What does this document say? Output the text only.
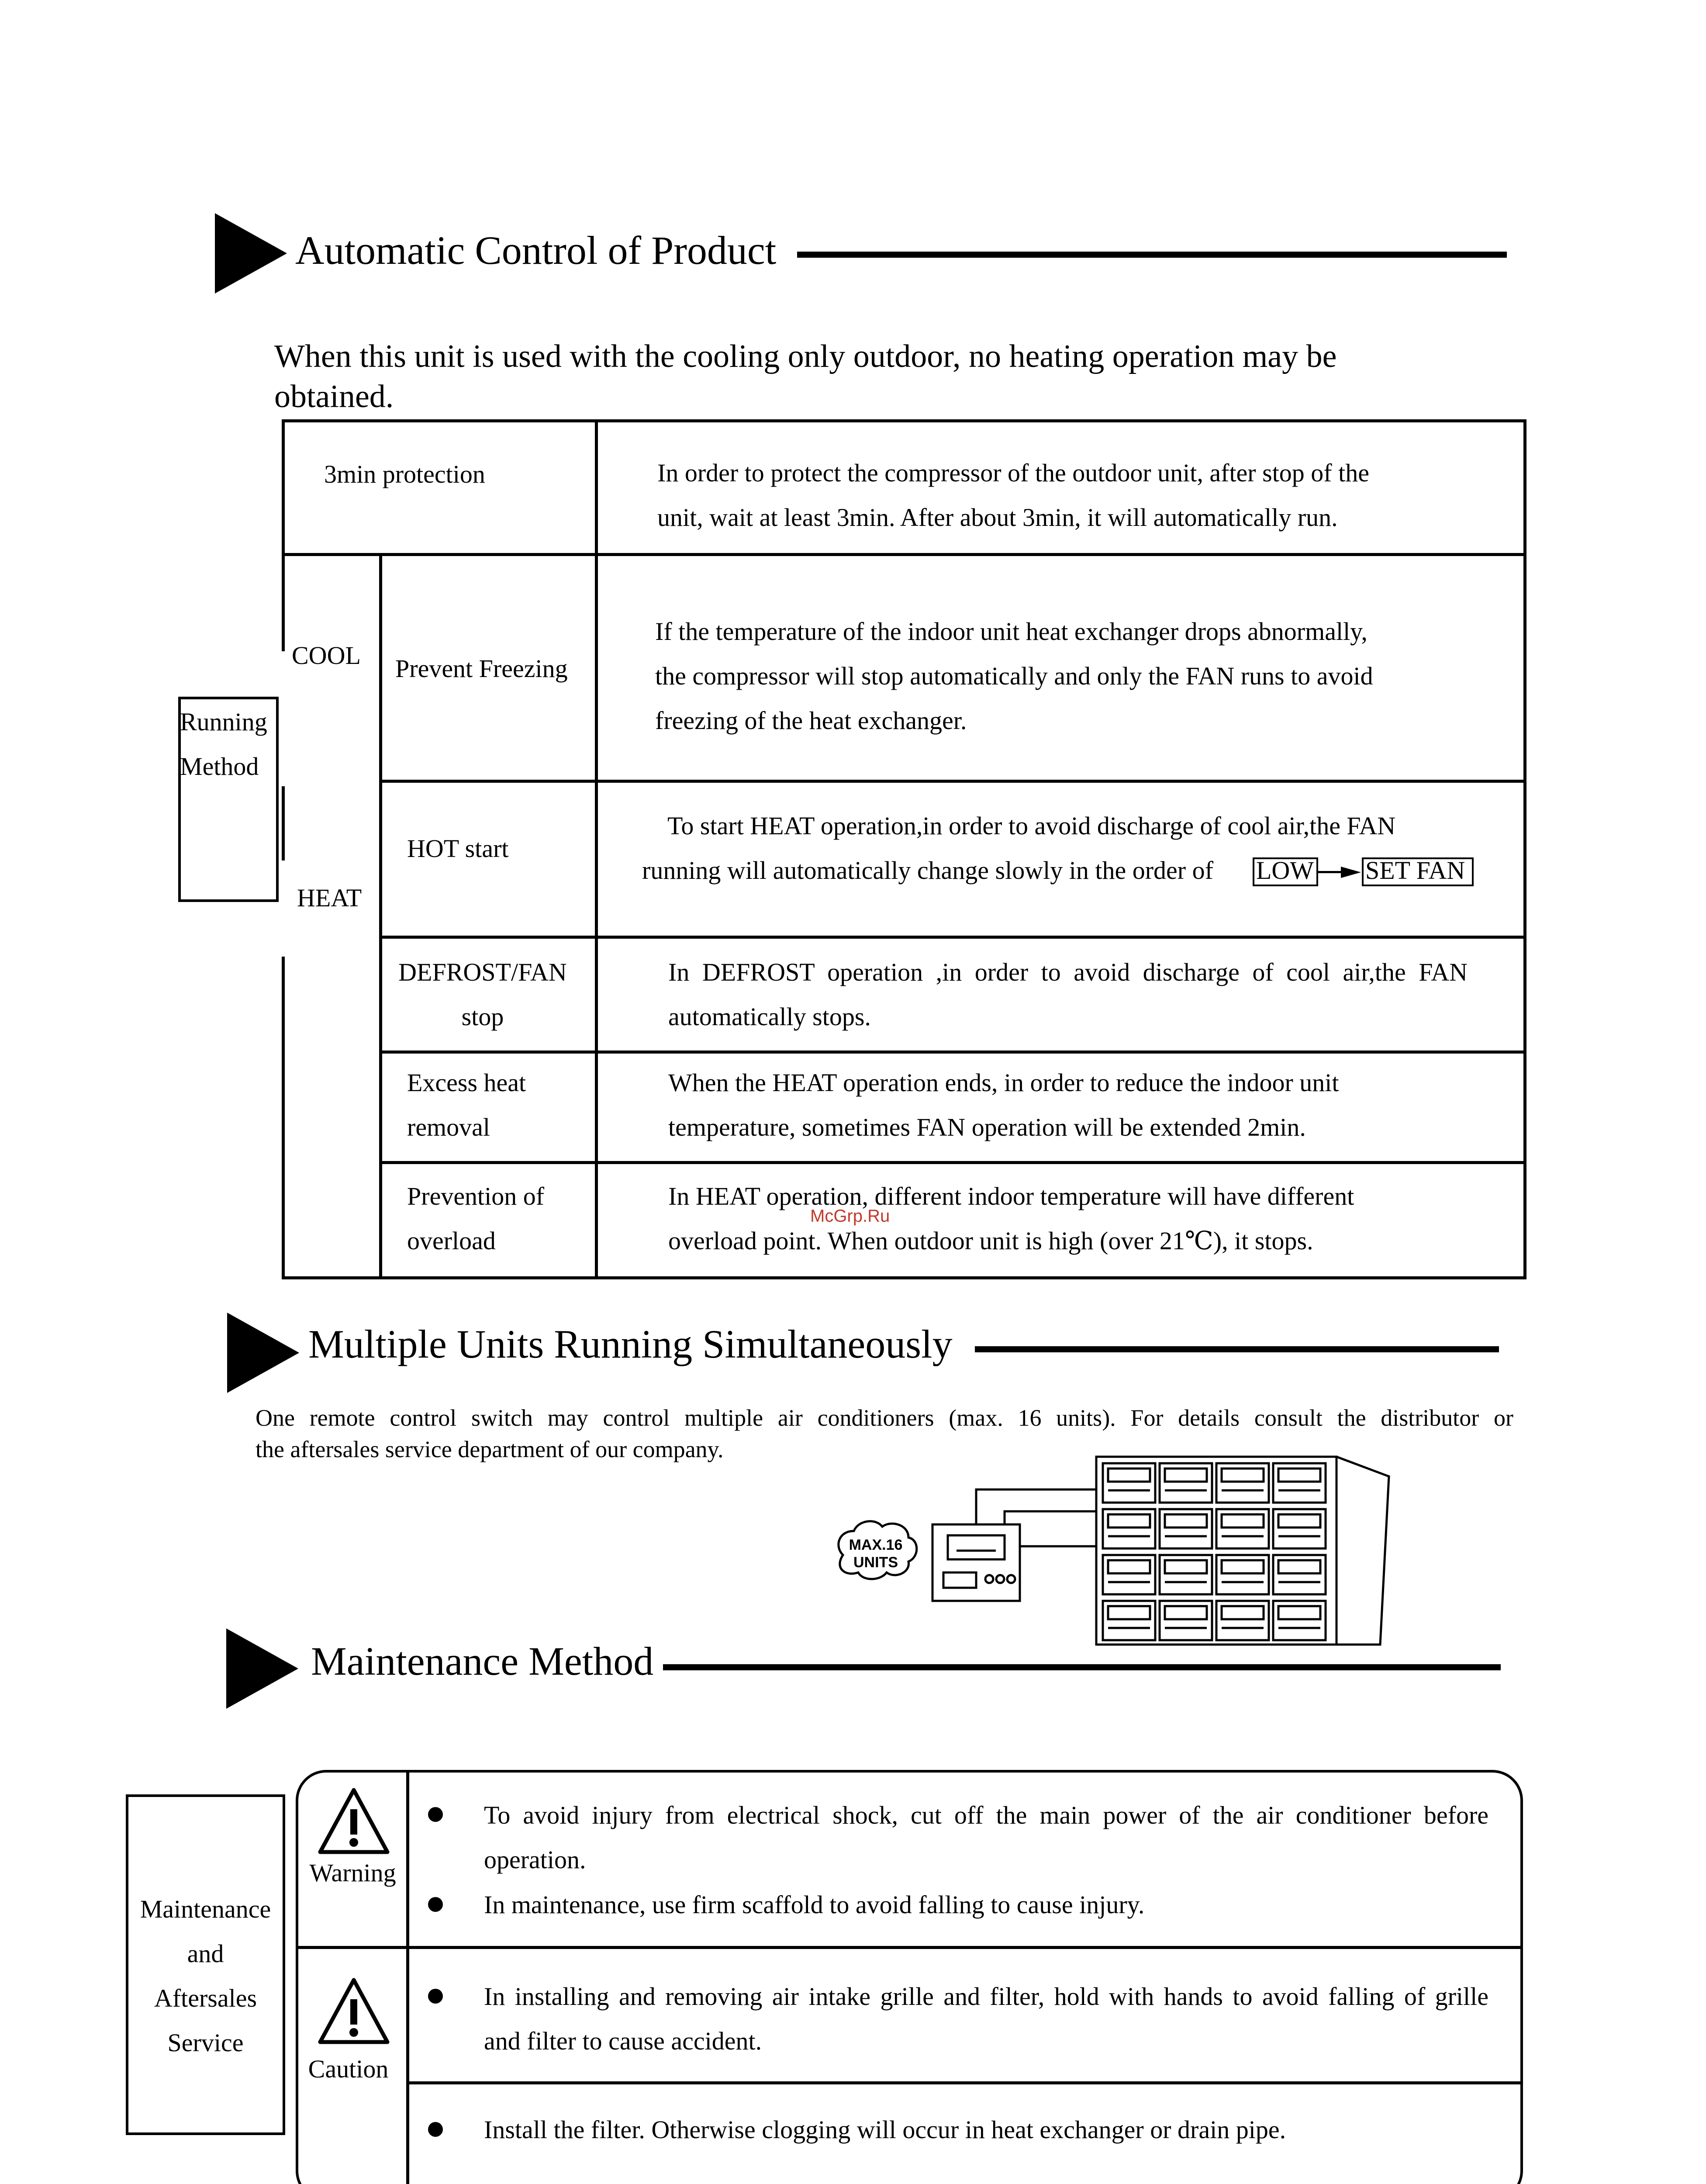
Automatic Control of Product
When this unit is used with the cooling only outdoor, no heating operation may be
obtained.
Running
Method
3min protection	In order to protect the compressor of the outdoor unit, after stop of the
unit, wait at least 3min. After about 3min, it will automatically run.
COOL Prevent Freezing
If the temperature of the indoor unit heat exchanger drops abnormally,
the compressor will stop automatically and only the FAN runs to avoid
freezing of the heat exchanger.
HEAT
HOT start
To start HEAT operation,in order to avoid discharge of cool air,the FAN
running will automatically change slowly in the order of LOW SET FAN
DEFROST/FAN
stop
In DEFROST operation ,in order to avoid discharge of cool air,the FAN
automatically stops.
Excess heat
removal
When the HEAT operation ends, in order to reduce the indoor unit
temperature, sometimes FAN operation will be extended 2min.
Prevention of
overload
In HEAT operation, different indoor temperature will have different
overload point. When outdoor unit is high (over 21℃), it stops.
McGrp.Ru
Multiple Units Running Simultaneously
One remote control switch may control multiple air conditioners (max. 16 units). For details consult the distributor or
the aftersales service department of our company.
MAX.16
UNITS
Maintenance Method
Maintenance
and
Aftersales
Service
Warning
To avoid injury from electrical shock, cut off the main power of the air conditioner before
operation.
In maintenance, use firm scaffold to avoid falling to cause injury.
Caution
In installing and removing air intake grille and filter, hold with hands to avoid falling of grille
and filter to cause accident.
Install the filter. Otherwise clogging will occur in heat exchanger or drain pipe.
